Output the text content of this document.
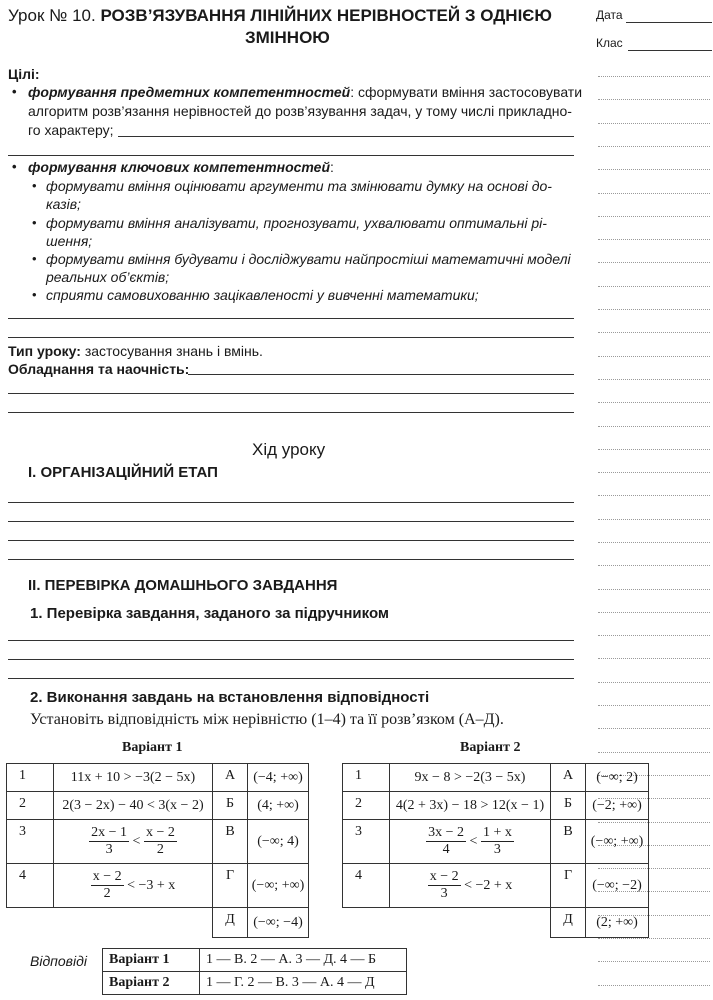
Дата
Клас
Урок № 10. РОЗВ’ЯЗУВАННЯ ЛІНІЙНИХ НЕРІВНОСТЕЙ З ОДНІЄЮ
ЗМІННОЮ
Цілі:
• формування предметних компетентностей: сформувати вміння застосовувати
алгоритм розв’язання нерівностей до розв’язування задач, у тому числі прикладно-
го характеру;
• формування ключових компетентностей:
• формувати вміння оцінювати аргументи та змінювати думку на основі до-
казів;
• формувати вміння аналізувати, прогнозувати, ухвалювати оптимальні рі-
шення;
• формувати вміння будувати і досліджувати найпростіші математичні моделі
реальних об’єктів;
• сприяти самовихованню зацікавленості у вивченні математики;
Тип уроку: застосування знань і вмінь.
Обладнання та наочність:
Хід уроку
I. ОРГАНІЗАЦІЙНИЙ ЕТАП
II. ПЕРЕВІРКА ДОМАШНЬОГО ЗАВДАННЯ
1. Перевірка завдання, заданого за підручником
2. Виконання завдань на встановлення відповідності
Установіть відповідність між нерівністю (1–4) та її розв’язком (А–Д).
Варіант 1	Варіант 2
1	11x + 10 > −3(2 − 5x)	А	(−4; +∞)
2	2(3 − 2x) − 40 < 3(x − 2)	Б	(4; +∞)
3	$\frac{2x - 1}{3} < \frac{x - 2}{2}$	В	(−∞; 4)
4	$\frac{x - 2}{2} < -3 + x$	Г	(−∞; +∞)
		Д	(−∞; −4)
1	9x − 8 > −2(3 − 5x)	А	(−∞; 2)
2	4(2 + 3x) − 18 > 12(x − 1)	Б	(−2; +∞)
3	$\frac{3x - 2}{4} < \frac{1 + x}{3}$	В	(−∞; +∞)
4	$\frac{x - 2}{3} < -2 + x$	Г	(−∞; −2)
		Д	(2; +∞)
Відповіді Варіант 1	1 — В. 2 — А. 3 — Д. 4 — Б
Варіант 2	1 — Г. 2 — В. 3 — А. 4 — Д
